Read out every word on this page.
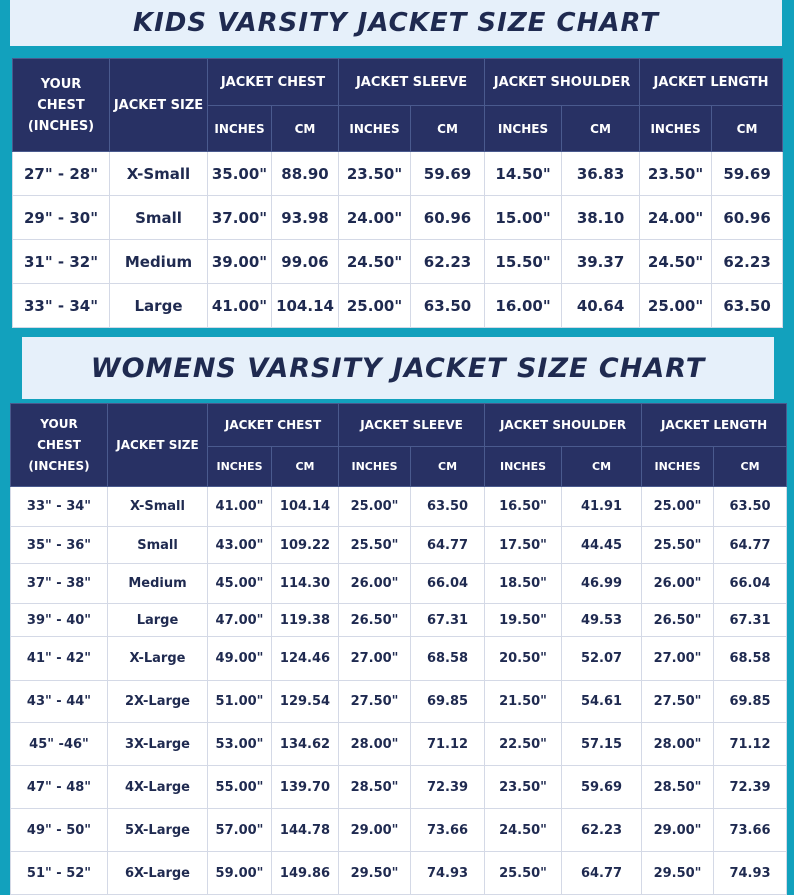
KIDS VARSITY JACKET SIZE CHART
YOUR
CHEST
(INCHES)	JACKET SIZE	JACKET CHEST		JACKET SLEEVE		JACKET SHOULDER		JACKET LENGTH	
		INCHES	CM	INCHES	CM	INCHES	CM	INCHES	CM
27" - 28"	X-Small	35.00"	88.90	23.50"	59.69	14.50"	36.83	23.50"	59.69
29" - 30"	Small	37.00"	93.98	24.00"	60.96	15.00"	38.10	24.00"	60.96
31" - 32"	Medium	39.00"	99.06	24.50"	62.23	15.50"	39.37	24.50"	62.23
33" - 34"	Large	41.00"	104.14	25.00"	63.50	16.00"	40.64	25.00"	63.50
WOMENS VARSITY JACKET SIZE CHART
YOUR
CHEST
(INCHES)	JACKET SIZE	JACKET CHEST		JACKET SLEEVE		JACKET SHOULDER		JACKET LENGTH	
		INCHES	CM	INCHES	CM	INCHES	CM	INCHES	CM
33" - 34"	X-Small	41.00"	104.14	25.00"	63.50	16.50"	41.91	25.00"	63.50
35" - 36"	Small	43.00"	109.22	25.50"	64.77	17.50"	44.45	25.50"	64.77
37" - 38"	Medium	45.00"	114.30	26.00"	66.04	18.50"	46.99	26.00"	66.04
39" - 40"	Large	47.00"	119.38	26.50"	67.31	19.50"	49.53	26.50"	67.31
41" - 42"	X-Large	49.00"	124.46	27.00"	68.58	20.50"	52.07	27.00"	68.58
43" - 44"	2X-Large	51.00"	129.54	27.50"	69.85	21.50"	54.61	27.50"	69.85
45" -46"	3X-Large	53.00"	134.62	28.00"	71.12	22.50"	57.15	28.00"	71.12
47" - 48"	4X-Large	55.00"	139.70	28.50"	72.39	23.50"	59.69	28.50"	72.39
49" - 50"	5X-Large	57.00"	144.78	29.00"	73.66	24.50"	62.23	29.00"	73.66
51" - 52"	6X-Large	59.00"	149.86	29.50"	74.93	25.50"	64.77	29.50"	74.93
